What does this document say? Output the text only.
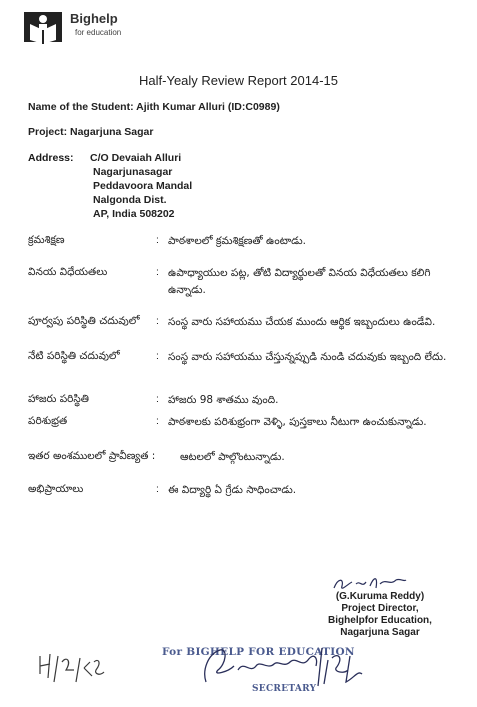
Bighelp
for education
Half-Yealy Review Report 2014-15
Name of the Student: Ajith Kumar Alluri (ID:C0989)
Project: Nagarjuna Sagar
Address: C/O Devaiah Alluri
Nagarjunasagar
Peddavoora Mandal
Nalgonda Dist.
AP, India 508202
క్రమశిక్షణ	: పాఠశాలలో క్రమశిక్షణతో ఉంటాడు.
వినయ విధేయతలు	: ఉపాధ్యాయుల పట్ల, తోటి విద్యార్థులతో వినయ విధేయతలు కలిగి ఉన్నాడు.
పూర్వపు పరిస్థితి చదువులో : సంస్థ వారు సహాయము చేయక ముందు ఆర్థిక ఇబ్బందులు ఉండేవి.
నేటి పరిస్థితి చదువులో	: సంస్థ వారు సహాయము చేస్తున్నప్పుడి నుండి చదువుకు ఇబ్బంది లేదు.
హాజరు పరిస్థితి	: హాజరు 98 శాతము వుంది.
పరిశుభ్రత	: పాఠశాలకు పరిశుభ్రంగా వెళ్ళి, పుస్తకాలు నీటుగా ఉంచుకున్నాడు.
ఇతర అంశములలో ప్రావీణ్యత : ఆటలలో పాల్గొంటున్నాడు.
అభిప్రాయాలు	: ఈ విద్యార్థి ఏ గ్రేడు సాధించాడు.
(G.Kuruma Reddy)
Project Director,
Bighelpfor Education,
Nagarjuna Sagar
For BIGHELP FOR EDUCATION
SECRETARY
